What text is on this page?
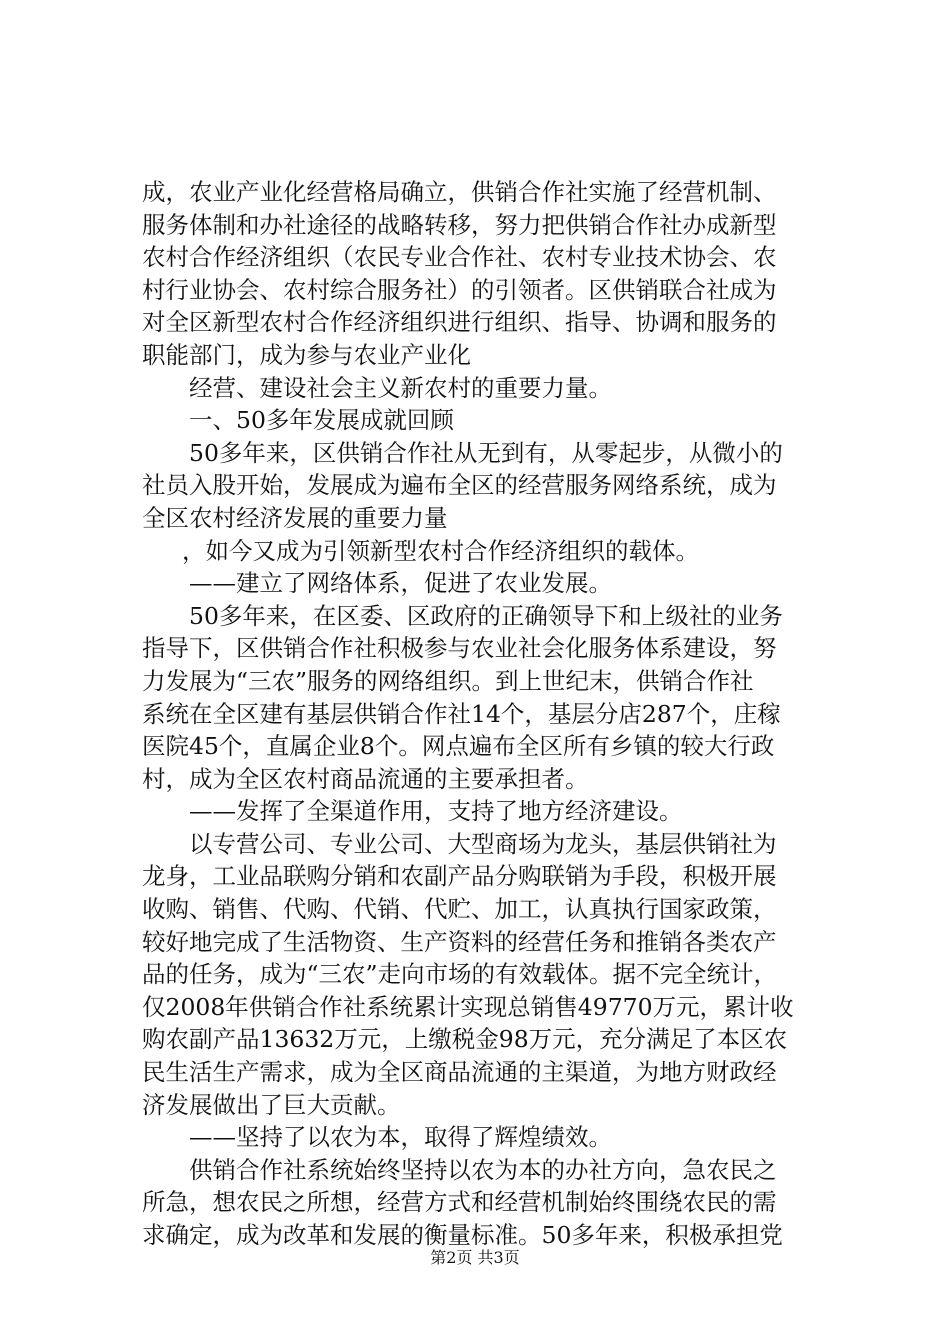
成，农业产业化经营格局确立，供销合作社实施了经营机制、
服务体制和办社途径的战略转移，努力把供销合作社办成新型
农村合作经济组织（农民专业合作社、农村专业技术协会、农
村行业协会、农村综合服务社）的引领者。区供销联合社成为
对全区新型农村合作经济组织进行组织、指导、协调和服务的
职能部门，成为参与农业产业化
经营、建设社会主义新农村的重要力量。
一、50多年发展成就回顾
50多年来，区供销合作社从无到有，从零起步，从微小的
社员入股开始，发展成为遍布全区的经营服务网络系统，成为
全区农村经济发展的重要力量
，如今又成为引领新型农村合作经济组织的载体。
——建立了网络体系，促进了农业发展。
50多年来，在区委、区政府的正确领导下和上级社的业务
指导下，区供销合作社积极参与农业社会化服务体系建设，努
力发展为“三农”服务的网络组织。到上世纪末，供销合作社
系统在全区建有基层供销合作社14个，基层分店287个，庄稼
医院45个，直属企业8个。网点遍布全区所有乡镇的较大行政
村，成为全区农村商品流通的主要承担者。
——发挥了全渠道作用，支持了地方经济建设。
以专营公司、专业公司、大型商场为龙头，基层供销社为
龙身，工业品联购分销和农副产品分购联销为手段，积极开展
收购、销售、代购、代销、代贮、加工，认真执行国家政策，
较好地完成了生活物资、生产资料的经营任务和推销各类农产
品的任务，成为“三农”走向市场的有效载体。据不完全统计，
仅2008年供销合作社系统累计实现总销售49770万元，累计收
购农副产品13632万元，上缴税金98万元，充分满足了本区农
民生活生产需求，成为全区商品流通的主渠道，为地方财政经
济发展做出了巨大贡献。
——坚持了以农为本，取得了辉煌绩效。
供销合作社系统始终坚持以农为本的办社方向，急农民之
所急，想农民之所想，经营方式和经营机制始终围绕农民的需
求确定，成为改革和发展的衡量标准。50多年来，积极承担党
第2页 共3页
